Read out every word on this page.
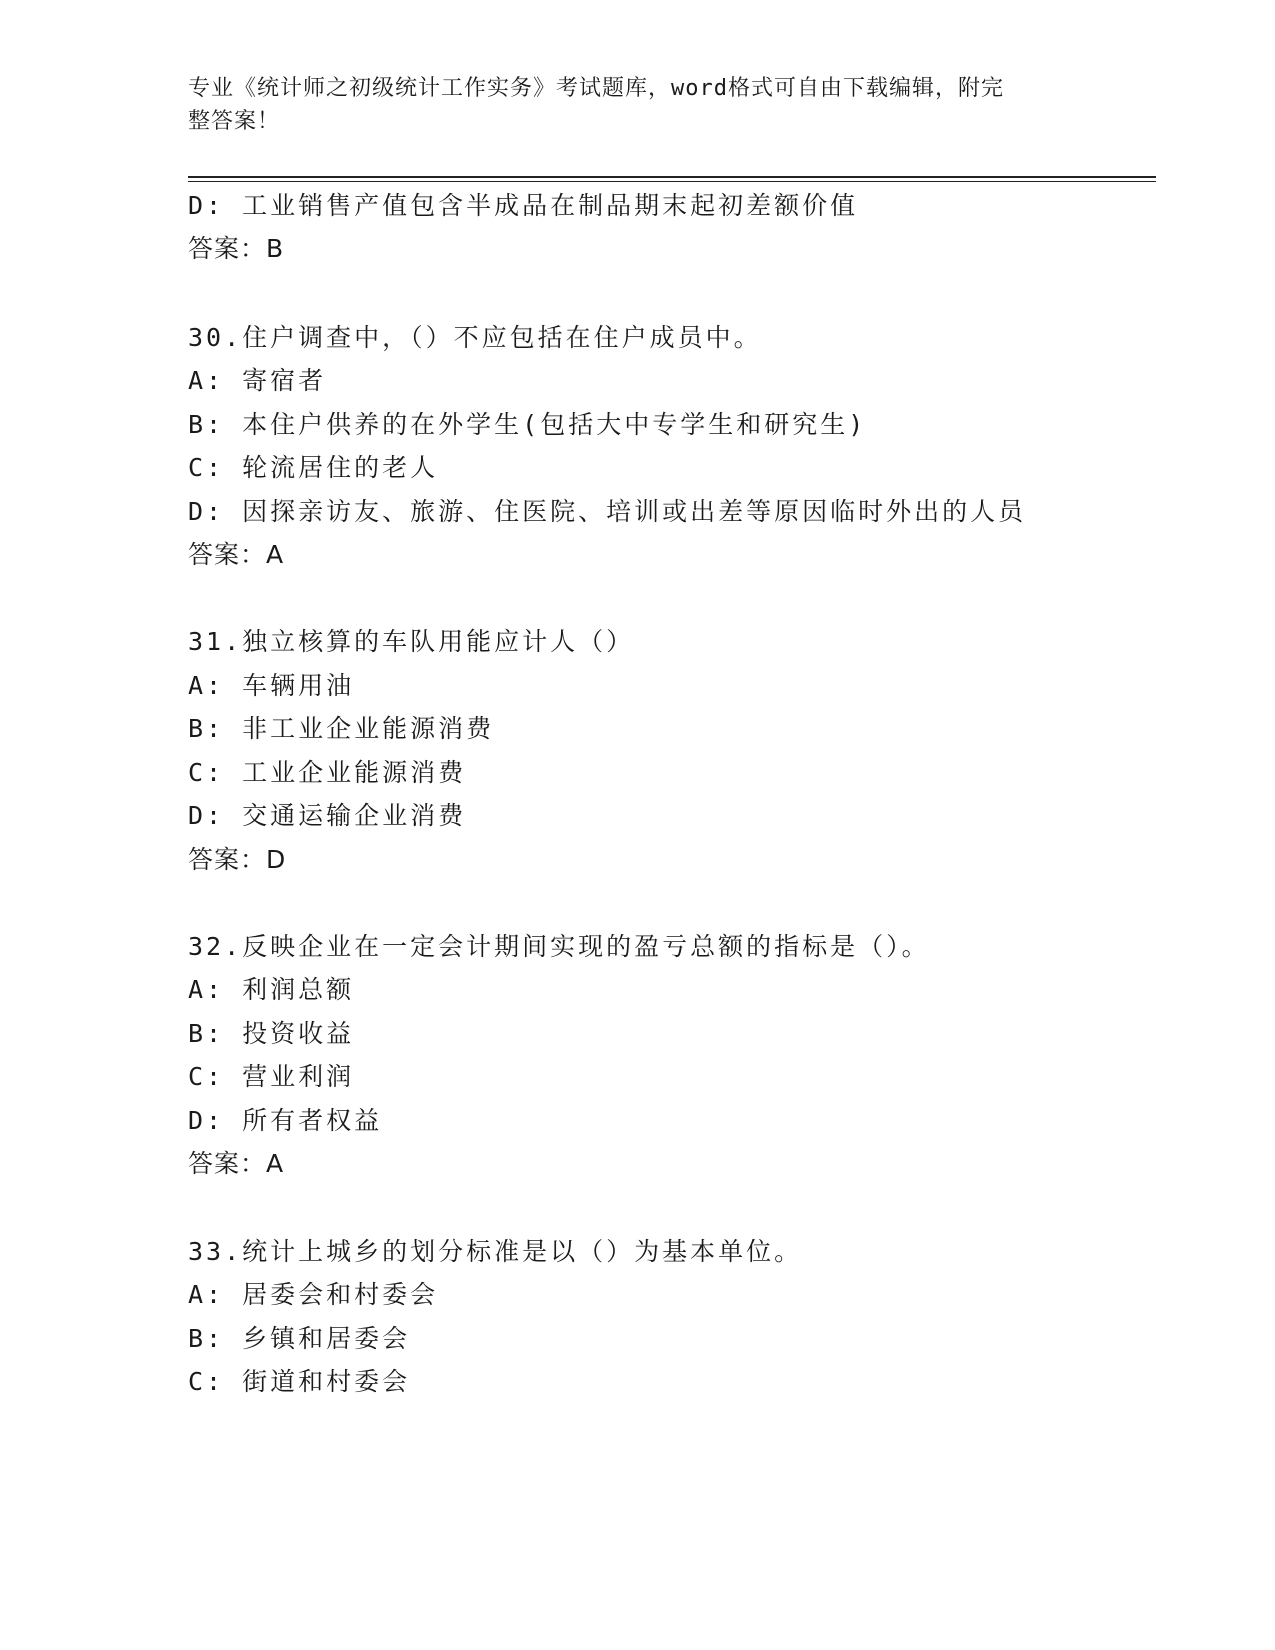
专业《统计师之初级统计工作实务》考试题库，word格式可自由下载编辑，附完
整答案！
D: 工业销售产值包含半成品在制品期末起初差额价值
答案：B
30.住户调查中，（）不应包括在住户成员中。
A: 寄宿者
B: 本住户供养的在外学生(包括大中专学生和研究生)
C: 轮流居住的老人
D: 因探亲访友、旅游、住医院、培训或出差等原因临时外出的人员
答案：A
31.独立核算的车队用能应计人（）
A: 车辆用油
B: 非工业企业能源消费
C: 工业企业能源消费
D: 交通运输企业消费
答案：D
32.反映企业在一定会计期间实现的盈亏总额的指标是（）。
A: 利润总额
B: 投资收益
C: 营业利润
D: 所有者权益
答案：A
33.统计上城乡的划分标准是以（）为基本单位。
A: 居委会和村委会
B: 乡镇和居委会
C: 街道和村委会
